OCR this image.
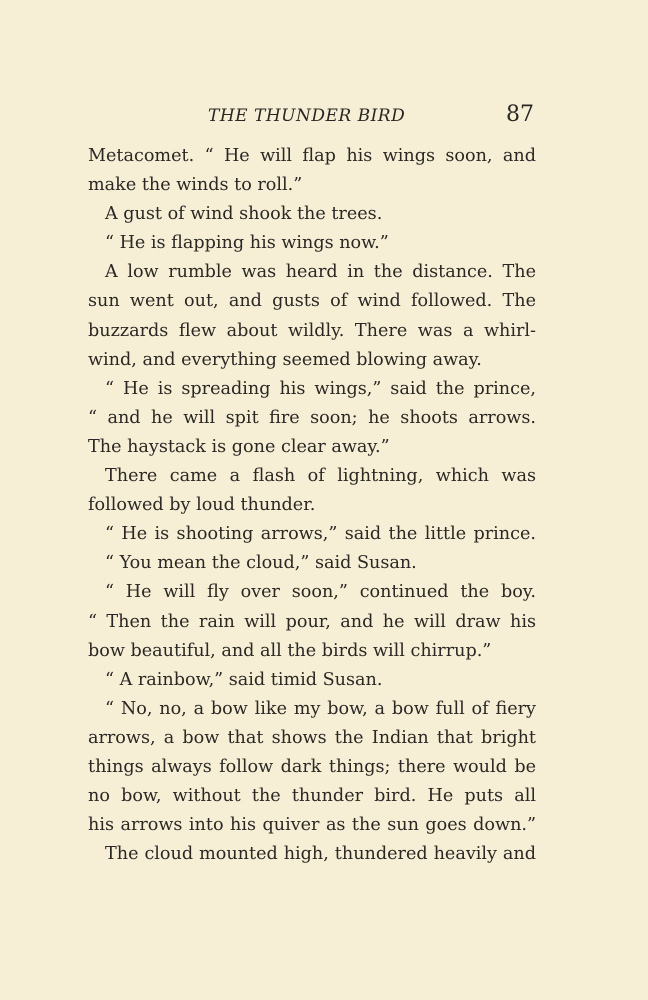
THE THUNDER BIRD	87
Metacomet. “ He will flap his wings soon, and
make the winds to roll.”
A gust of wind shook the trees.
“ He is flapping his wings now.”
A low rumble was heard in the distance. The
sun went out, and gusts of wind followed. The
buzzards flew about wildly. There was a whirl-
wind, and everything seemed blowing away.
“ He is spreading his wings,” said the prince,
“ and he will spit fire soon; he shoots arrows.
The haystack is gone clear away.”
There came a flash of lightning, which was
followed by loud thunder.
“ He is shooting arrows,” said the little prince.
“ You mean the cloud,” said Susan.
“ He will fly over soon,” continued the boy.
“ Then the rain will pour, and he will draw his
bow beautiful, and all the birds will chirrup.”
“ A rainbow,” said timid Susan.
“ No, no, a bow like my bow, a bow full of fiery
arrows, a bow that shows the Indian that bright
things always follow dark things; there would be
no bow, without the thunder bird. He puts all
his arrows into his quiver as the sun goes down.”
The cloud mounted high, thundered heavily and
